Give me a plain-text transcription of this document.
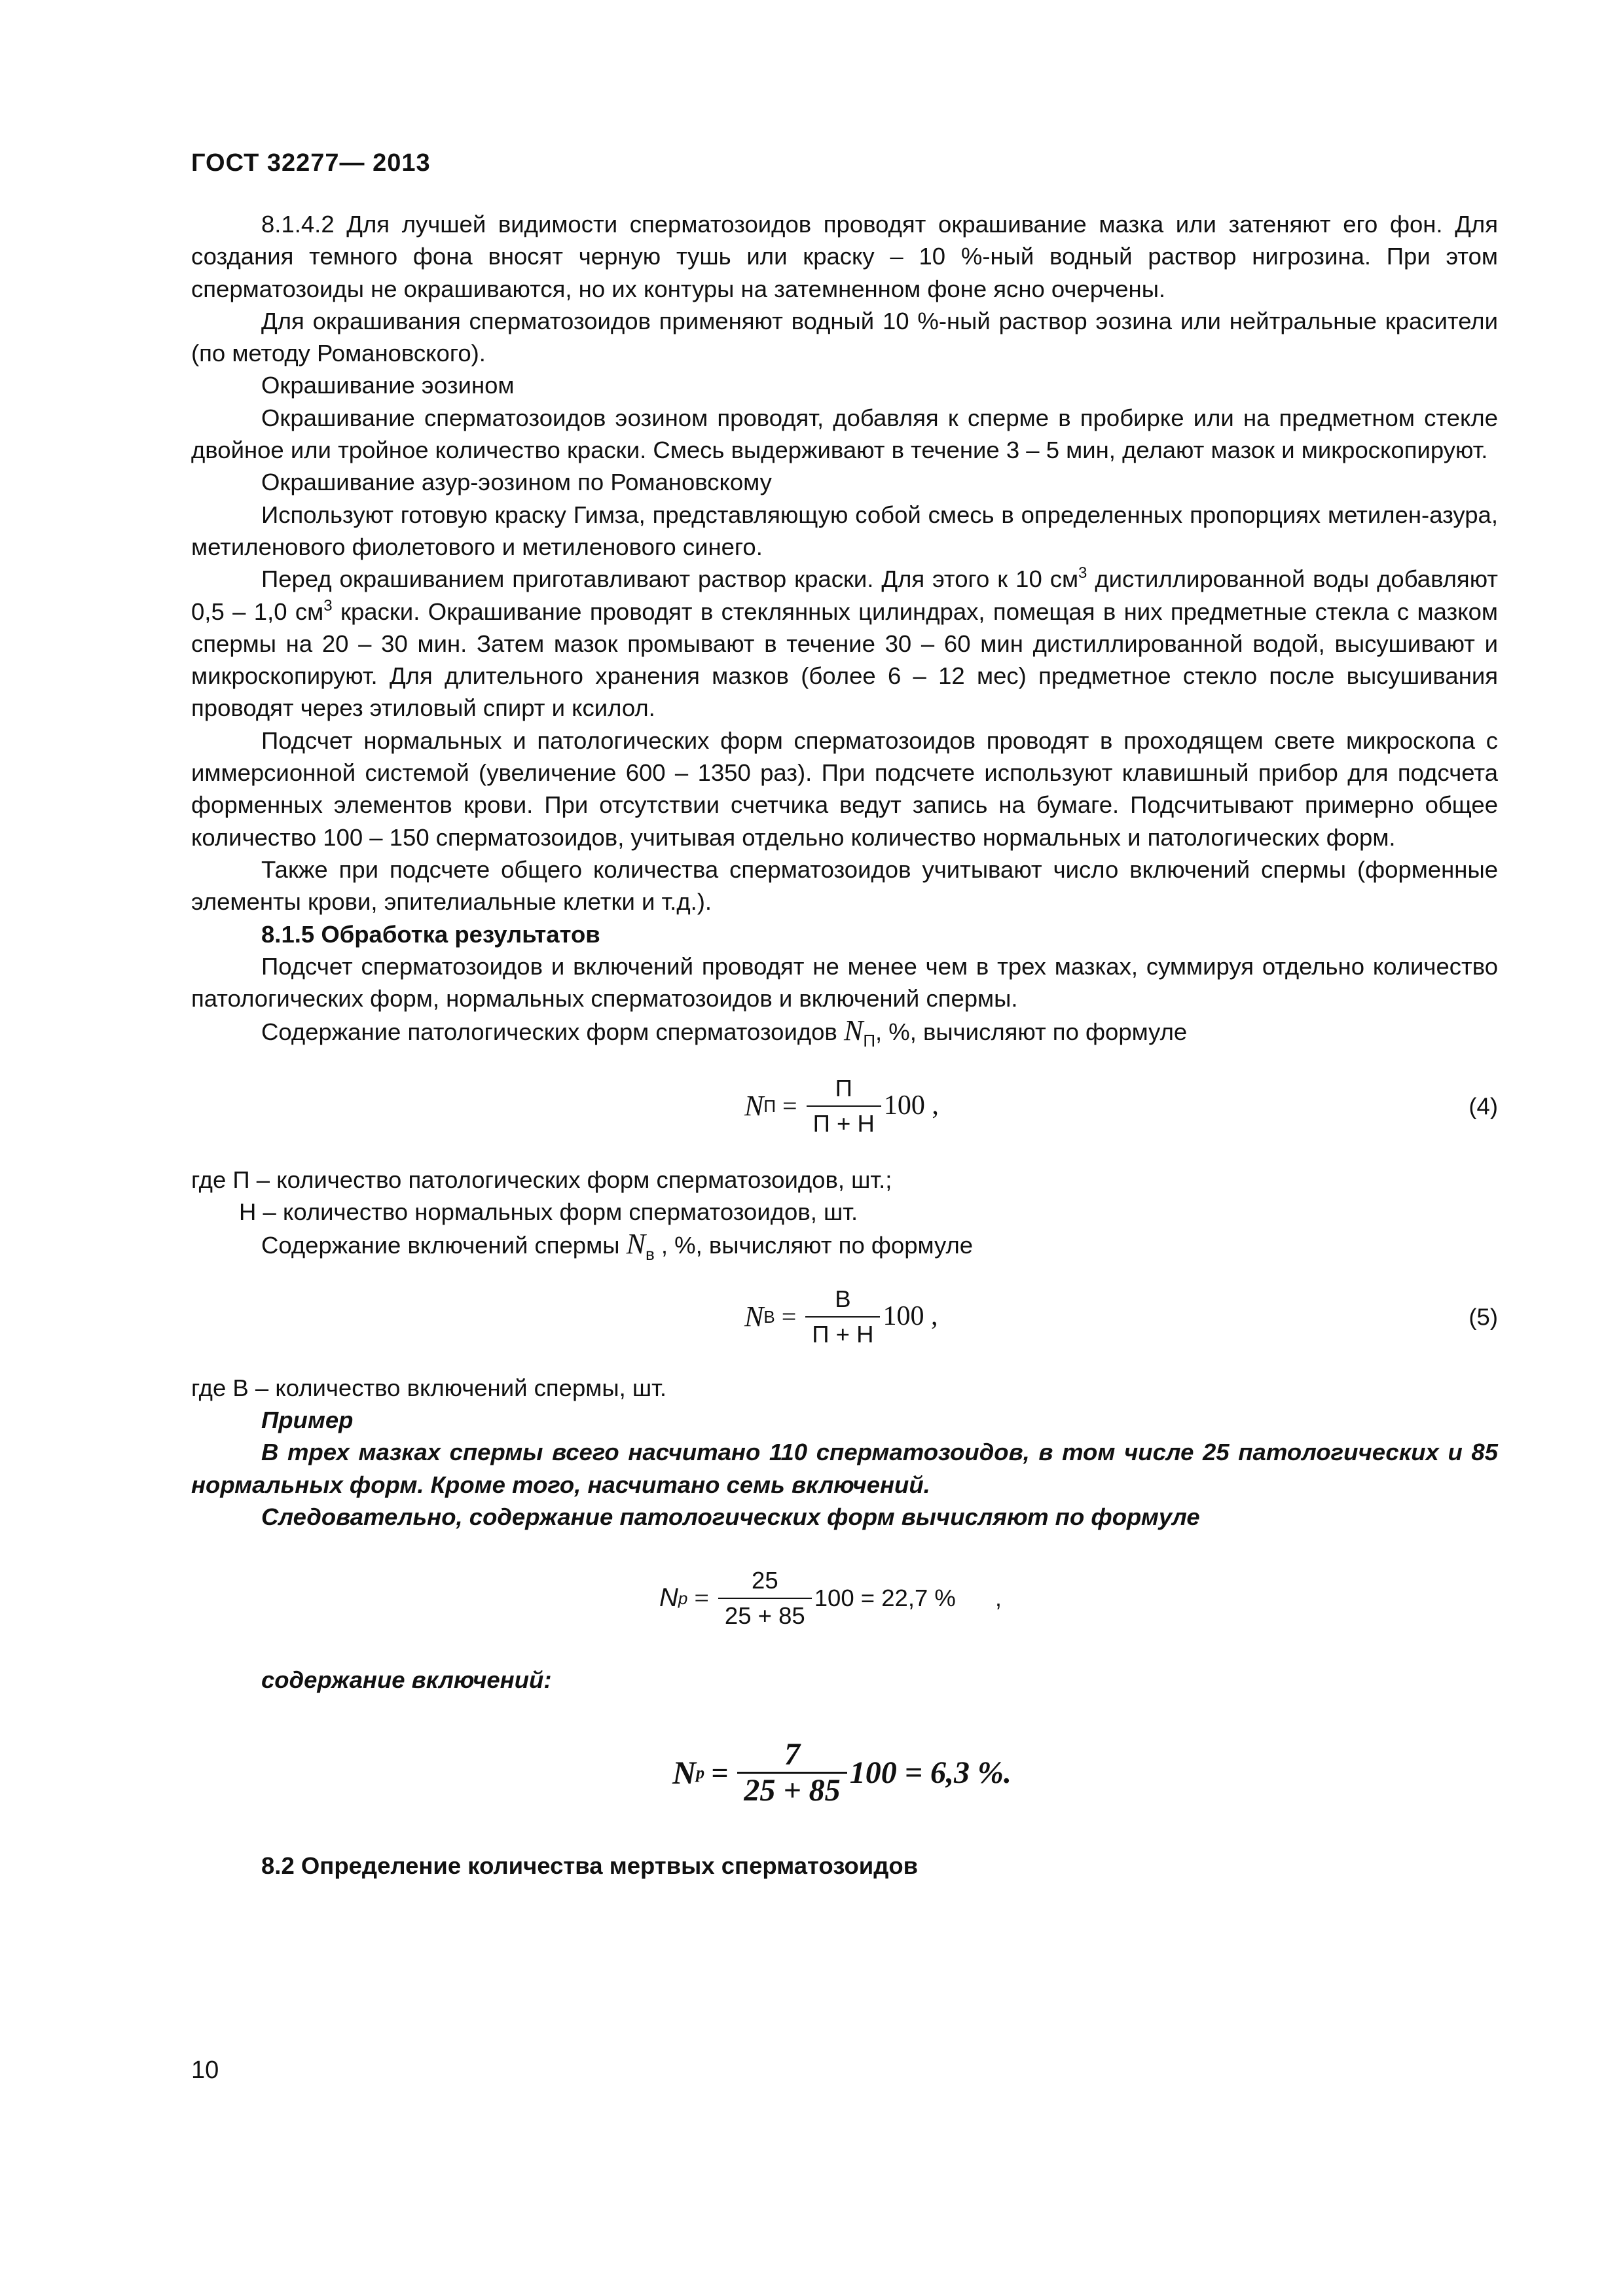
ГОСТ 32277— 2013

8.1.4.2 Для лучшей видимости сперматозоидов проводят окрашивание мазка или затеняют его фон. Для создания темного фона вносят черную тушь или краску – 10 %-ный водный раствор нигрозина. При этом сперматозоиды не окрашиваются, но их контуры на затемненном фоне ясно очерчены.

Для окрашивания сперматозоидов применяют водный 10 %-ный раствор эозина или нейтральные красители (по методу Романовского).

Окрашивание эозином

Окрашивание сперматозоидов эозином проводят, добавляя к сперме в пробирке или на предметном стекле двойное или тройное количество краски. Смесь выдерживают в течение 3 – 5 мин, делают мазок и микроскопируют.

Окрашивание азур-эозином по Романовскому

Используют готовую краску Гимза, представляющую собой смесь в определенных пропорциях метилен-азура, метиленового фиолетового и метиленового синего.

Перед окрашиванием приготавливают раствор краски. Для этого к 10 $см^3$ дистиллированной воды добавляют 0,5 – 1,0 $см^3$ краски. Окрашивание проводят в стеклянных цилиндрах, помещая в них предметные стекла с мазком спермы на 20 – 30 мин. Затем мазок промывают в течение 30 – 60 мин дистиллированной водой, высушивают и микроскопируют. Для длительного хранения мазков (более 6 – 12 мес) предметное стекло после высушивания проводят через этиловый спирт и ксилол.

Подсчет нормальных и патологических форм сперматозоидов проводят в проходящем свете микроскопа с иммерсионной системой (увеличение 600 – 1350 раз). При подсчете используют клавишный прибор для подсчета форменных элементов крови. При отсутствии счетчика ведут запись на бумаге. Подсчитывают примерно общее количество 100 – 150 сперматозоидов, учитывая отдельно количество нормальных и патологических форм.

Также при подсчете общего количества сперматозоидов учитывают число включений спермы (форменные элементы крови, эпителиальные клетки и т.д.).

8.1.5 Обработка результатов

Подсчет сперматозоидов и включений проводят не менее чем в трех мазках, суммируя отдельно количество патологических форм, нормальных сперматозоидов и включений спермы.

Содержание патологических форм сперматозоидов $N_П$, %, вычисляют по формуле

N $П = \frac{П}{П + Н} 100$ ,	(4)

где П – количество патологических форм сперматозоидов, шт.;

Н – количество нормальных форм сперматозоидов, шт.

Содержание включений спермы $N_в$ , %, вычисляют по формуле

N $В = \frac{В}{П + Н} 100$ ,	(5)

где В – количество включений спермы, шт.

Пример

В трех мазках спермы всего насчитано 110 сперматозоидов, в том числе 25 патологических и 85 нормальных форм. Кроме того, насчитано семь включений.

Следовательно, содержание патологических форм вычисляют по формуле

N $p = \frac{25}{25 + 85} 100 = 22,7$ % ,

содержание включений:

N $p = \frac{7}{25 + 85} 100 = 6,3$ % .

8.2 Определение количества мертвых сперматозоидов

10
